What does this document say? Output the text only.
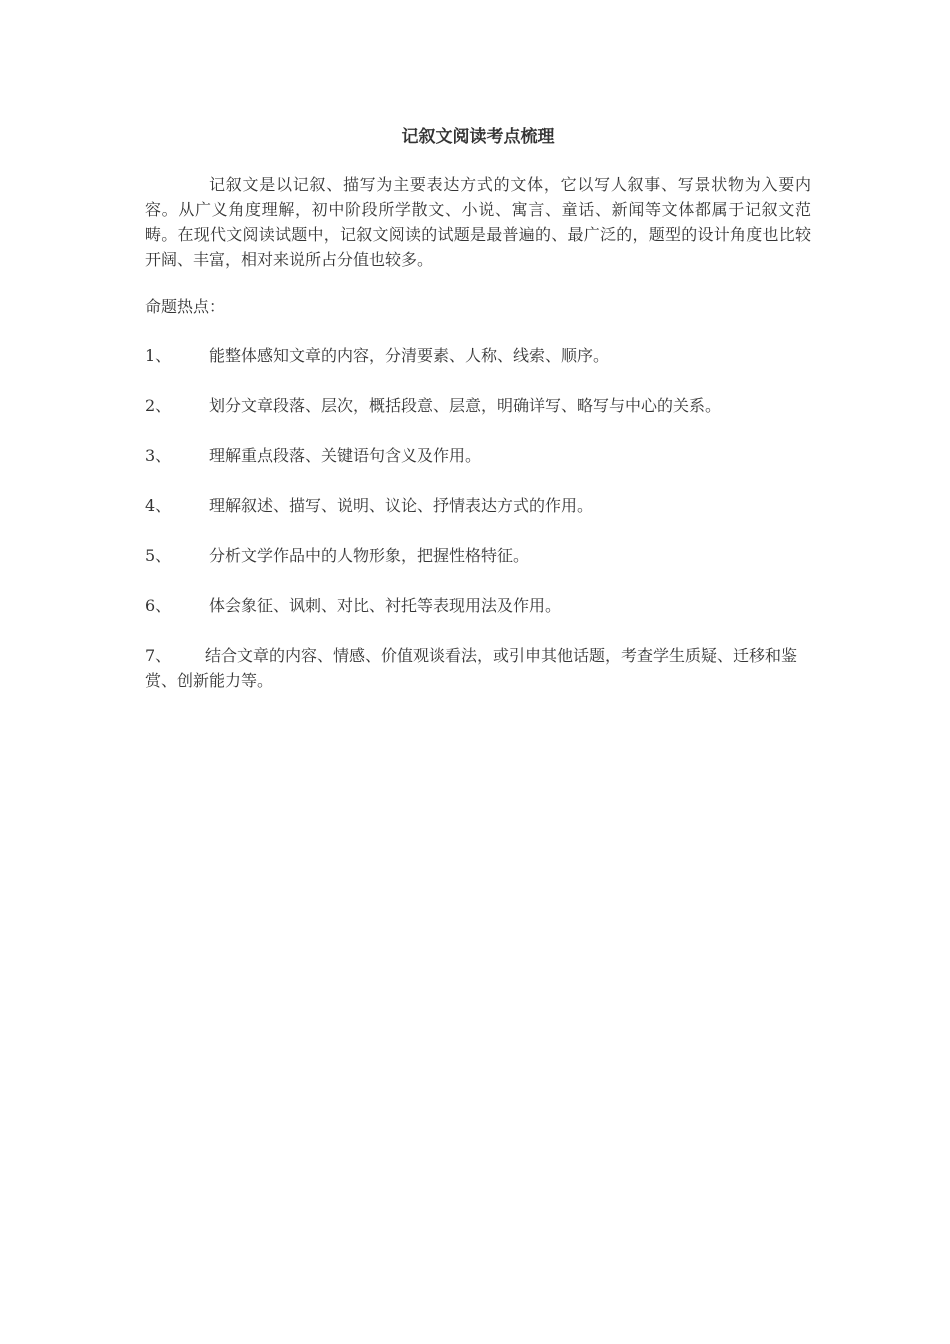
记叙文阅读考点梳理

记叙文是以记叙、描写为主要表达方式的文体，它以写人叙事、写景状物为入要内容。从广义角度理解，初中阶段所学散文、小说、寓言、童话、新闻等文体都属于记叙文范畴。在现代文阅读试题中，记叙文阅读的试题是最普遍的、最广泛的，题型的设计角度也比较开阔、丰富，相对来说所占分值也较多。

命题热点：
1、 能整体感知文章的内容，分清要素、人称、线索、顺序。
2、 划分文章段落、层次，概括段意、层意，明确详写、略写与中心的关系。
3、 理解重点段落、关键语句含义及作用。
4、 理解叙述、描写、说明、议论、抒情表达方式的作用。
5、 分析文学作品中的人物形象，把握性格特征。
6、 体会象征、讽刺、对比、衬托等表现用法及作用。
7、 结合文章的内容、情感、价值观谈看法，或引申其他话题，考查学生质疑、迁移和鉴赏、创新能力等。
